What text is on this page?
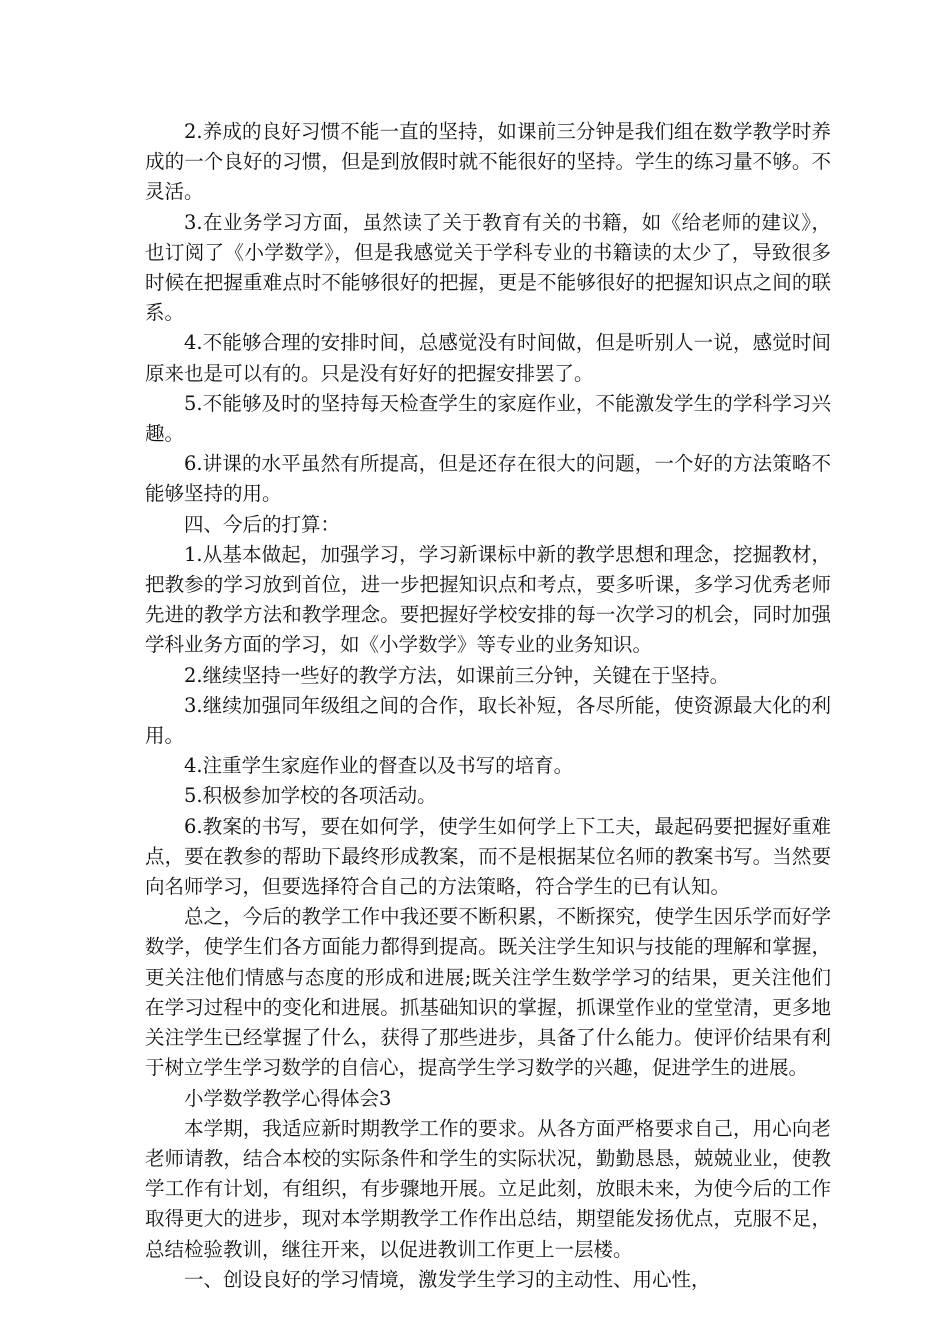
2.养成的良好习惯不能一直的坚持，如课前三分钟是我们组在数学教学时养成的一个良好的习惯，但是到放假时就不能很好的坚持。学生的练习量不够。不灵活。

3.在业务学习方面，虽然读了关于教育有关的书籍，如《给老师的建议》，也订阅了《小学数学》，但是我感觉关于学科专业的书籍读的太少了，导致很多时候在把握重难点时不能够很好的把握，更是不能够很好的把握知识点之间的联系。

4.不能够合理的安排时间，总感觉没有时间做，但是听别人一说，感觉时间原来也是可以有的。只是没有好好的把握安排罢了。

5.不能够及时的坚持每天检查学生的家庭作业，不能激发学生的学科学习兴趣。

6.讲课的水平虽然有所提高，但是还存在很大的问题，一个好的方法策略不能够坚持的用。

四、今后的打算：

1.从基本做起，加强学习，学习新课标中新的教学思想和理念，挖掘教材，把教参的学习放到首位，进一步把握知识点和考点，要多听课，多学习优秀老师先进的教学方法和教学理念。要把握好学校安排的每一次学习的机会，同时加强学科业务方面的学习，如《小学数学》等专业的业务知识。

2.继续坚持一些好的教学方法，如课前三分钟，关键在于坚持。

3.继续加强同年级组之间的合作，取长补短，各尽所能，使资源最大化的利用。

4.注重学生家庭作业的督查以及书写的培育。

5.积极参加学校的各项活动。

6.教案的书写，要在如何学，使学生如何学上下工夫，最起码要把握好重难点，要在教参的帮助下最终形成教案，而不是根据某位名师的教案书写。当然要向名师学习，但要选择符合自己的方法策略，符合学生的已有认知。

总之，今后的教学工作中我还要不断积累，不断探究，使学生因乐学而好学数学，使学生们各方面能力都得到提高。既关注学生知识与技能的理解和掌握，更关注他们情感与态度的形成和进展;既关注学生数学学习的结果，更关注他们在学习过程中的变化和进展。抓基础知识的掌握，抓课堂作业的堂堂清，更多地关注学生已经掌握了什么，获得了那些进步，具备了什么能力。使评价结果有利于树立学生学习数学的自信心，提高学生学习数学的兴趣，促进学生的进展。

小学数学教学心得体会3

本学期，我适应新时期教学工作的要求。从各方面严格要求自己，用心向老老师请教，结合本校的实际条件和学生的实际状况，勤勤恳恳，兢兢业业，使教学工作有计划，有组织，有步骤地开展。立足此刻，放眼未来，为使今后的工作取得更大的进步，现对本学期教学工作作出总结，期望能发扬优点，克服不足，总结检验教训，继往开来，以促进教训工作更上一层楼。

一、创设良好的学习情境，激发学生学习的主动性、用心性，
